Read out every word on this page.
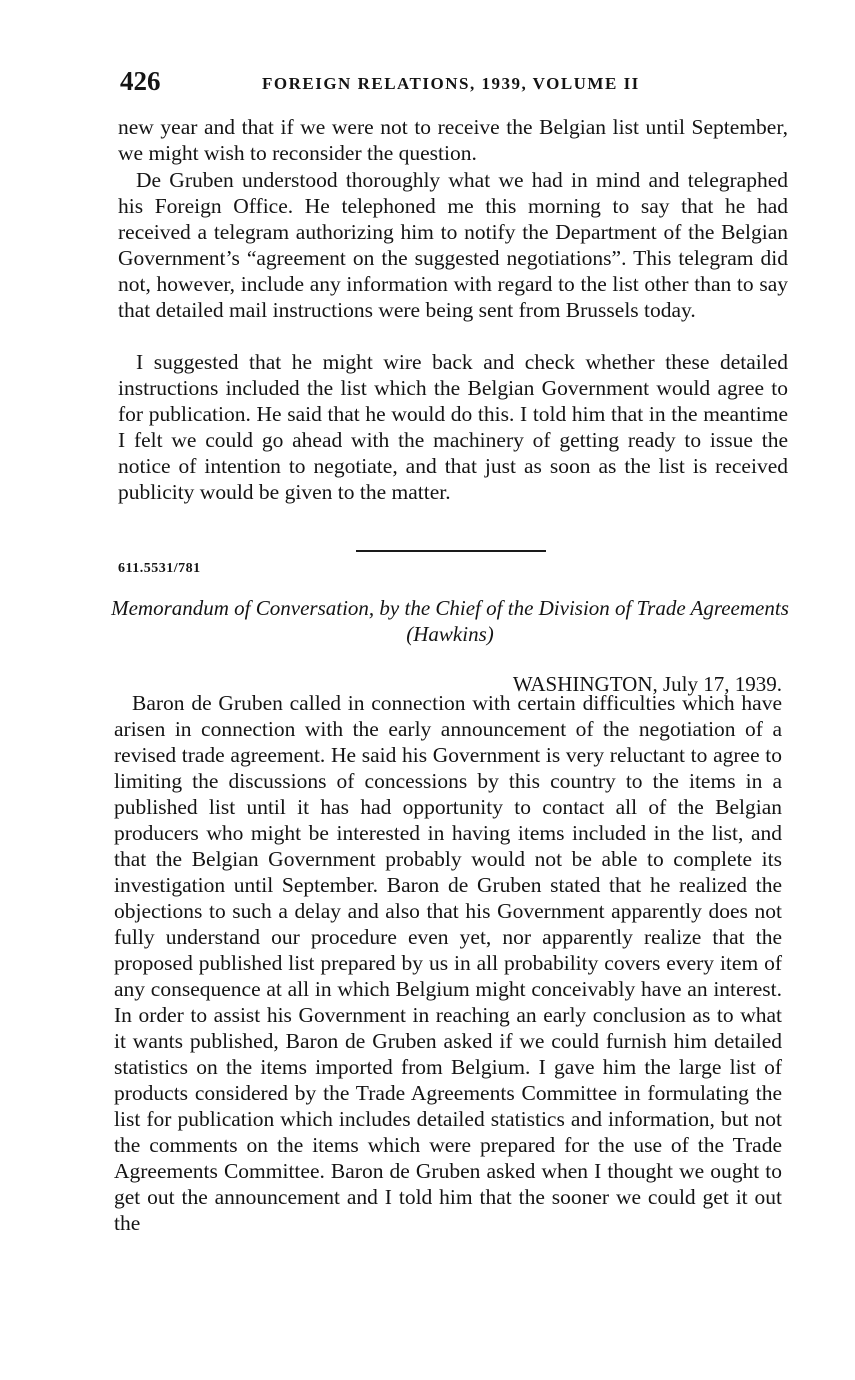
426	FOREIGN RELATIONS, 1939, VOLUME II

new year and that if we were not to receive the Belgian list until September, we might wish to reconsider the question.

De Gruben understood thoroughly what we had in mind and telegraphed his Foreign Office. He telephoned me this morning to say that he had received a telegram authorizing him to notify the Department of the Belgian Government’s “agreement on the suggested negotiations”. This telegram did not, however, include any information with regard to the list other than to say that detailed mail instructions were being sent from Brussels today.

I suggested that he might wire back and check whether these detailed instructions included the list which the Belgian Government would agree to for publication. He said that he would do this. I told him that in the meantime I felt we could go ahead with the machinery of getting ready to issue the notice of intention to negotiate, and that just as soon as the list is received publicity would be given to the matter.

611.5531/781
Memorandum of Conversation, by the Chief of the Division of Trade Agreements (Hawkins)
WASHINGTON, July 17, 1939.

Baron de Gruben called in connection with certain difficulties which have arisen in connection with the early announcement of the negotiation of a revised trade agreement. He said his Government is very reluctant to agree to limiting the discussions of concessions by this country to the items in a published list until it has had opportunity to contact all of the Belgian producers who might be interested in having items included in the list, and that the Belgian Government probably would not be able to complete its investigation until September. Baron de Gruben stated that he realized the objections to such a delay and also that his Government apparently does not fully understand our procedure even yet, nor apparently realize that the proposed published list prepared by us in all probability covers every item of any consequence at all in which Belgium might conceivably have an interest. In order to assist his Government in reaching an early conclusion as to what it wants published, Baron de Gruben asked if we could furnish him detailed statistics on the items imported from Belgium. I gave him the large list of products considered by the Trade Agreements Committee in formulating the list for publication which includes detailed statistics and information, but not the comments on the items which were prepared for the use of the Trade Agreements Committee. Baron de Gruben asked when I thought we ought to get out the announcement and I told him that the sooner we could get it out the
